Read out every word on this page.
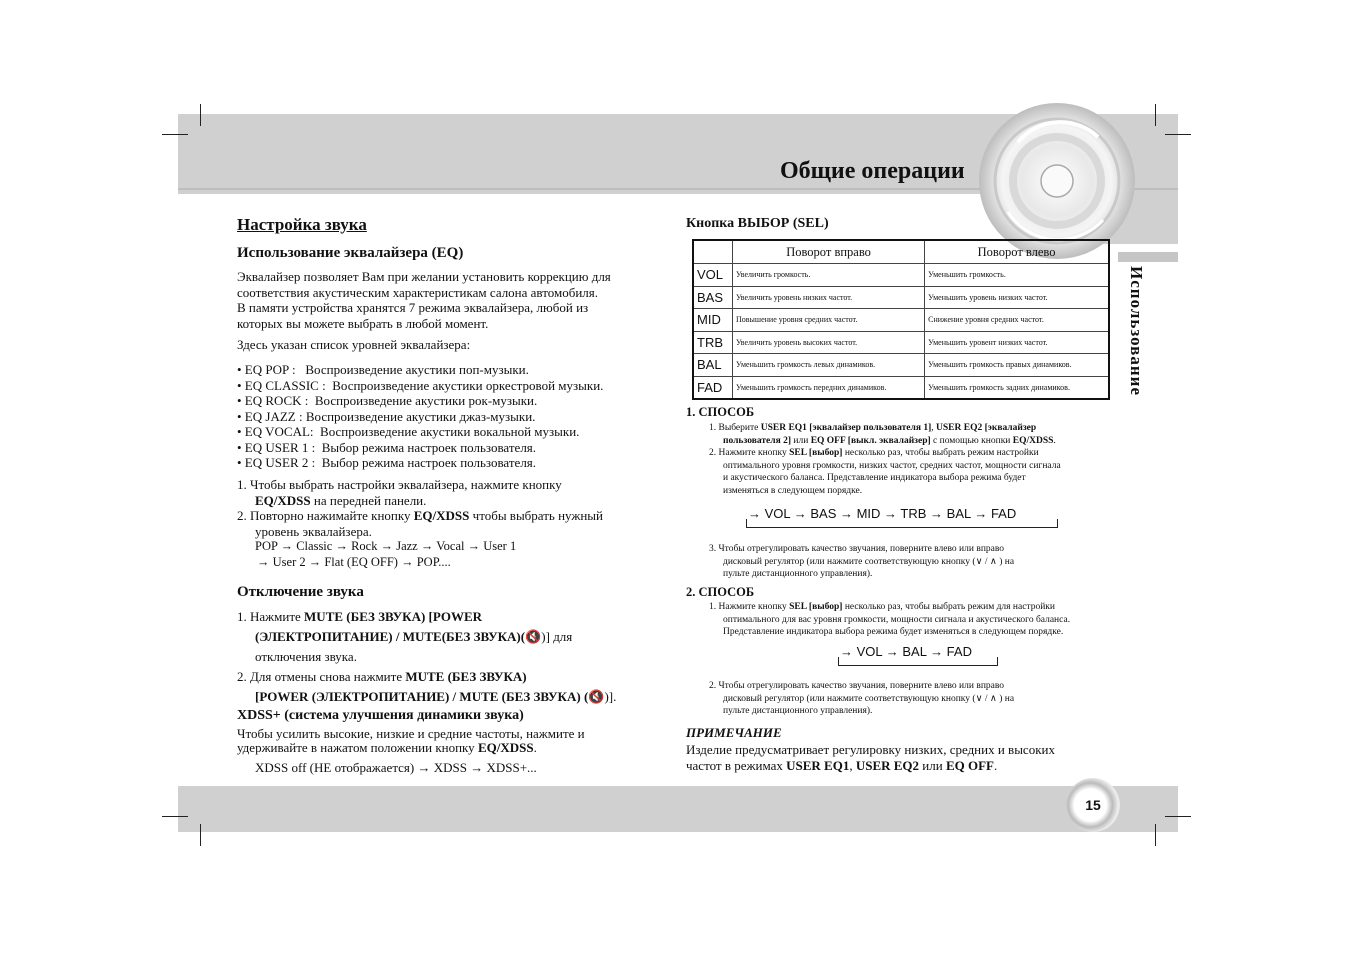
Общие операции
Использование
Настройка звука
Использование эквалайзера (EQ)
Эквалайзер позволяет Вам при желании установить коррекцию для
соответствия акустическим характеристикам салона автомобиля.
В памяти устройства хранятся 7 режима эквалайзера, любой из
которых вы можете выбрать в любой момент.
Здесь указан список уровней эквалайзера:
• EQ POP : Воспроизведение акустики поп-музыки.
• EQ CLASSIC : Воспроизведение акустики оркестровой музыки.
• EQ ROCK : Воспроизведение акустики рок-музыки.
• EQ JAZZ : Воспроизведение акустики джаз-музыки.
• EQ VOCAL: Воспроизведение акустики вокальной музыки.
• EQ USER 1 : Выбор режима настроек пользователя.
• EQ USER 2 : Выбор режима настроек пользователя.
1. Чтобы выбрать настройки эквалайзера, нажмите кнопку
EQ/XDSS на передней панели.
2. Повторно нажимайте кнопку EQ/XDSS чтобы выбрать нужный
уровень эквалайзера.
POP → Classic → Rock → Jazz → Vocal → User 1
→ User 2 → Flat (EQ OFF) → POP....
Отключение звука
1. Нажмите MUTE (БЕЗ ЗВУКА) [POWER
(ЭЛЕКТРОПИТАНИЕ) / MUTE(БЕЗ ЗВУКА)(🔇)] для
отключения звука.
2. Для отмены снова нажмите MUTE (БЕЗ ЗВУКА)
[POWER (ЭЛЕКТРОПИТАНИЕ) / MUTE (БЕЗ ЗВУКА) (🔇)].
XDSS+ (система улучшения динамики звука)
Чтобы усилить высокие, низкие и средние частоты, нажмите и
удерживайте в нажатом положении кнопку EQ/XDSS.
XDSS off (НЕ отображается) → XDSS → XDSS+...
Кнопка ВЫБОР (SEL)
	Поворот вправо	Поворот влево
VOL	Увеличить громкость.	Уменьшить громкость.
BAS	Увеличить уровень низких частот.	Уменьшить уровень низких частот.
MID	Повышение уровня средних частот.	Снижение уровня средних частот.
TRB	Увеличить уровень высоких частот.	Уменьшить уровент низких частот.
BAL	Уменьшить громкость левых динамиков.	Уменьшить громкость правых динамиков.
FAD	Уменьшить громкость передних динамиков.	Уменьшить громкость задних динамиков.
1. СПОСОБ
1. Выберите USER EQ1 [эквалайзер пользователя 1], USER EQ2 [эквалайзер
пользователя 2] или EQ OFF [выкл. эквалайзер] с помощью кнопки EQ/XDSS.
2. Нажмите кнопку SEL [выбор] несколько раз, чтобы выбрать режим настройки
оптимального уровня громкости, низких частот, средних частот, мощности сигнала
и акустического баланса. Представление индикатора выбора режима будет
изменяться в следующем порядке.
→ VOL → BAS → MID → TRB → BAL → FAD
3. Чтобы отрегулировать качество звучания, поверните влево или вправо
дисковый регулятор (или нажмите соответствующую кнопку (∨ / ∧ ) на
пульте дистанционного управления).
2. СПОСОБ
1. Нажмите кнопку SEL [выбор] несколько раз, чтобы выбрать режим для настройки
оптимального для вас уровня громкости, мощности сигнала и акустического баланса.
Представление индикатора выбора режима будет изменяться в следующем порядке.
→ VOL → BAL → FAD
2. Чтобы отрегулировать качество звучания, поверните влево или вправо
дисковый регулятор (или нажмите соответствующую кнопку (∨ / ∧ ) на
пульте дистанционного управления).
ПРИМЕЧАНИЕ
Изделие предусматривает регулировку низких, средних и высоких
частот в режимах USER EQ1, USER EQ2 или EQ OFF.
15
